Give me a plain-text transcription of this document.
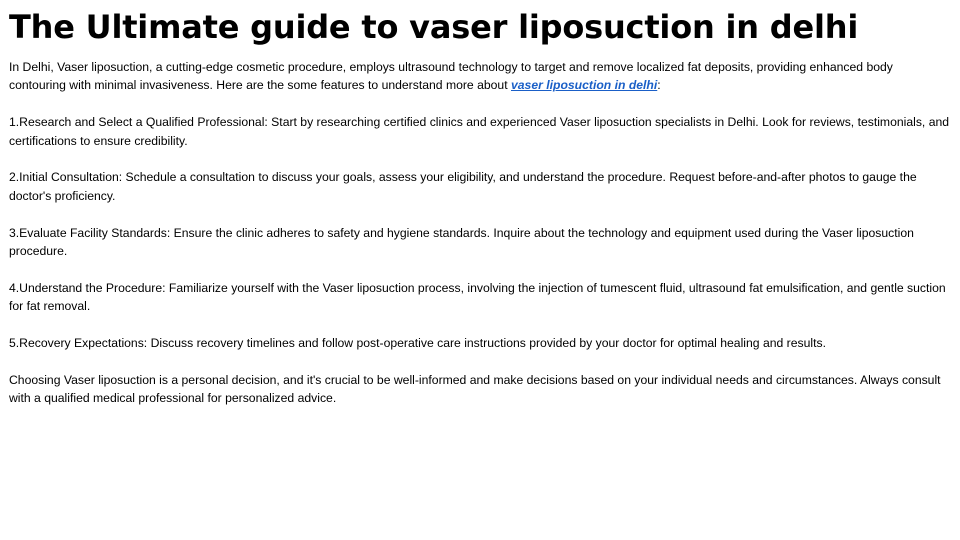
The Ultimate guide to vaser liposuction in delhi

In Delhi, Vaser liposuction, a cutting-edge cosmetic procedure, employs ultrasound technology to target and remove localized fat deposits, providing enhanced body contouring with minimal invasiveness. Here are the some features to understand more about vaser liposuction in delhi:

1.Research and Select a Qualified Professional: Start by researching certified clinics and experienced Vaser liposuction specialists in Delhi. Look for reviews, testimonials, and certifications to ensure credibility.

2.Initial Consultation: Schedule a consultation to discuss your goals, assess your eligibility, and understand the procedure. Request before-and-after photos to gauge the doctor's proficiency.

3.Evaluate Facility Standards: Ensure the clinic adheres to safety and hygiene standards. Inquire about the technology and equipment used during the Vaser liposuction procedure.

4.Understand the Procedure: Familiarize yourself with the Vaser liposuction process, involving the injection of tumescent fluid, ultrasound fat emulsification, and gentle suction for fat removal.

5.Recovery Expectations: Discuss recovery timelines and follow post-operative care instructions provided by your doctor for optimal healing and results.

Choosing Vaser liposuction is a personal decision, and it's crucial to be well-informed and make decisions based on your individual needs and circumstances. Always consult with a qualified medical professional for personalized advice.
